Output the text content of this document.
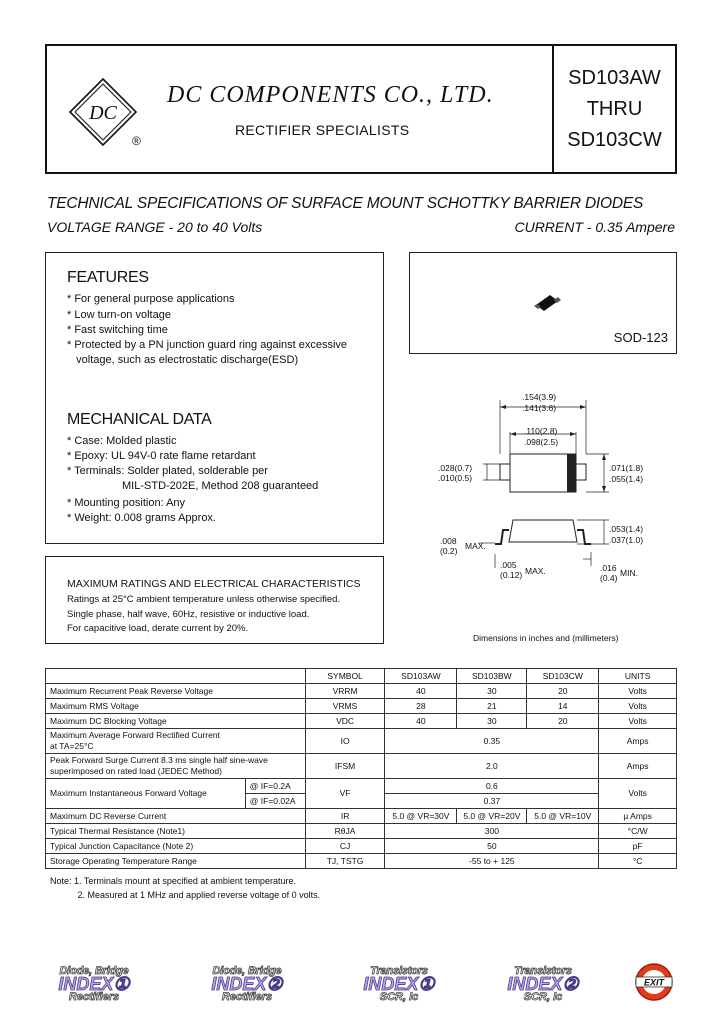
DC
®
DC COMPONENTS CO., LTD.
RECTIFIER SPECIALISTS
SD103AW
THRU
SD103CW
TECHNICAL SPECIFICATIONS OF SURFACE MOUNT SCHOTTKY BARRIER DIODES
VOLTAGE RANGE - 20 to 40 Volts	CURRENT - 0.35 Ampere
FEATURES
* For general purpose applications
* Low turn-on voltage
* Fast switching time
* Protected by a PN junction guard ring against excessive
voltage, such as electrostatic discharge(ESD)
MECHANICAL DATA
* Case: Molded plastic
* Epoxy: UL 94V-0 rate flame retardant
* Terminals: Solder plated, solderable per
MIL-STD-202E, Method 208 guaranteed
* Mounting position: Any
* Weight: 0.008 grams Approx.
SOD-123
.154(3.9)
.141(3.6)
.110(2.8)
.098(2.5)
.028(0.7)
.010(0.5)
.071(1.8)
.055(1.4)
.053(1.4)
.037(1.0)
.008
(0.2) MAX.
.005
(0.12) MAX.	.016
(0.4) MIN.
Dimensions in inches and (millimeters)
MAXIMUM RATINGS AND ELECTRICAL CHARACTERISTICS
Ratings at 25°C ambient temperature unless otherwise specified.
Single phase, half wave, 60Hz, resistive or inductive load.
For capacitive load, derate current by 20%.
		SYMBOL	SD103AW	SD103BW	SD103CW	UNITS
Maximum Recurrent Peak Reverse Voltage		VRRM	40	30	20	Volts
Maximum RMS Voltage		VRMS	28	21	14	Volts
Maximum DC Blocking Voltage		VDC	40	30	20	Volts

Maximum Average Forward Rectified Current
at TA=25°C		IO	0.35			Amps

Peak Forward Surge Current 8.3 ms single half sine-wave
superimposed on rated load (JEDEC Method)		IFSM	2.0			Amps
Maximum Instantaneous Forward Voltage	@ IF=0.2A	VF	0.6			Volts
	@ IF=0.02A		0.37			
Maximum DC Reverse Current		IR	5.0 @ VR=30V	5.0 @ VR=20V	5.0 @ VR=10V	µ Amps
Typical Thermal Resistance (Note1)		RθJA	300			°C/W
Typical Junction Capacitance (Note 2)		CJ	50			pF
Storage Operating Temperature Range		TJ, TSTG	-55 to + 125			°C
Note: 1. Terminals mount at specified at ambient temperature.
2. Measured at 1 MHz and applied reverse voltage of 0 volts.
Diode, Bridge
INDEX①
Rectifiers
Diode, Bridge
INDEX②
Rectifiers
Transistors
INDEX①
SCR, Ic
Transistors
INDEX②
SCR, Ic
EXIT
